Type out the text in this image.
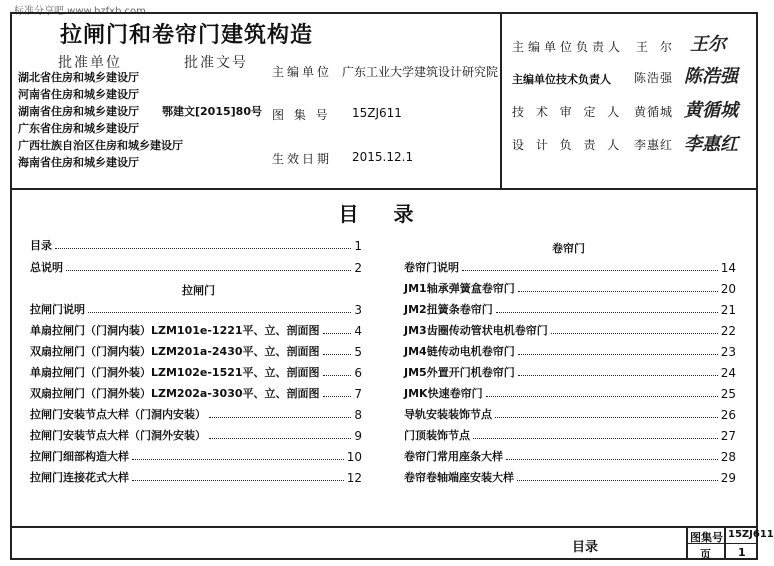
标准分享吧 www.bzfxb.com
拉闸门和卷帘门建筑构造
批准单位	批准文号
湖北省住房和城乡建设厅
河南省住房和城乡建设厅
湖南省住房和城乡建设厅
广东省住房和城乡建设厅
广西壮族自治区住房和城乡建设厅
海南省住房和城乡建设厅
鄂建文[2015]80号
主编单位 广东工业大学建筑设计研究院
图 集 号 15ZJ611
生效日期 2015.12.1
主编单位负责人 王 尔 王尔
主编单位技术负责人 陈浩强 陈浩强
技 术 审 定 人 黄循城 黄循城
设 计 负 责 人 李惠红 李惠红
目 录
目录	1
总说明	2
拉闸门
拉闸门说明	3
单扇拉闸门（门洞内装）LZM101e-1221平、立、剖面图	4
双扇拉闸门（门洞内装）LZM201a-2430平、立、剖面图	5
单扇拉闸门（门洞外装）LZM102e-1521平、立、剖面图	6
双扇拉闸门（门洞外装）LZM202a-3030平、立、剖面图	7
拉闸门安装节点大样（门洞内安装）	8
拉闸门安装节点大样（门洞外安装）	9
拉闸门细部构造大样	10
拉闸门连接花式大样	12
卷帘门
卷帘门说明	14
JM1轴承弹簧盒卷帘门	20
JM2扭簧条卷帘门	21
JM3齿圈传动管状电机卷帘门	22
JM4链传动电机卷帘门	23
JM5外置开门机卷帘门	24
JMK快速卷帘门	25
导轨安装装饰节点	26
门顶装饰节点	27
卷帘门常用座条大样	28
卷帘卷轴端座安装大样	29
目录
图集号 15ZJ611
页 1
